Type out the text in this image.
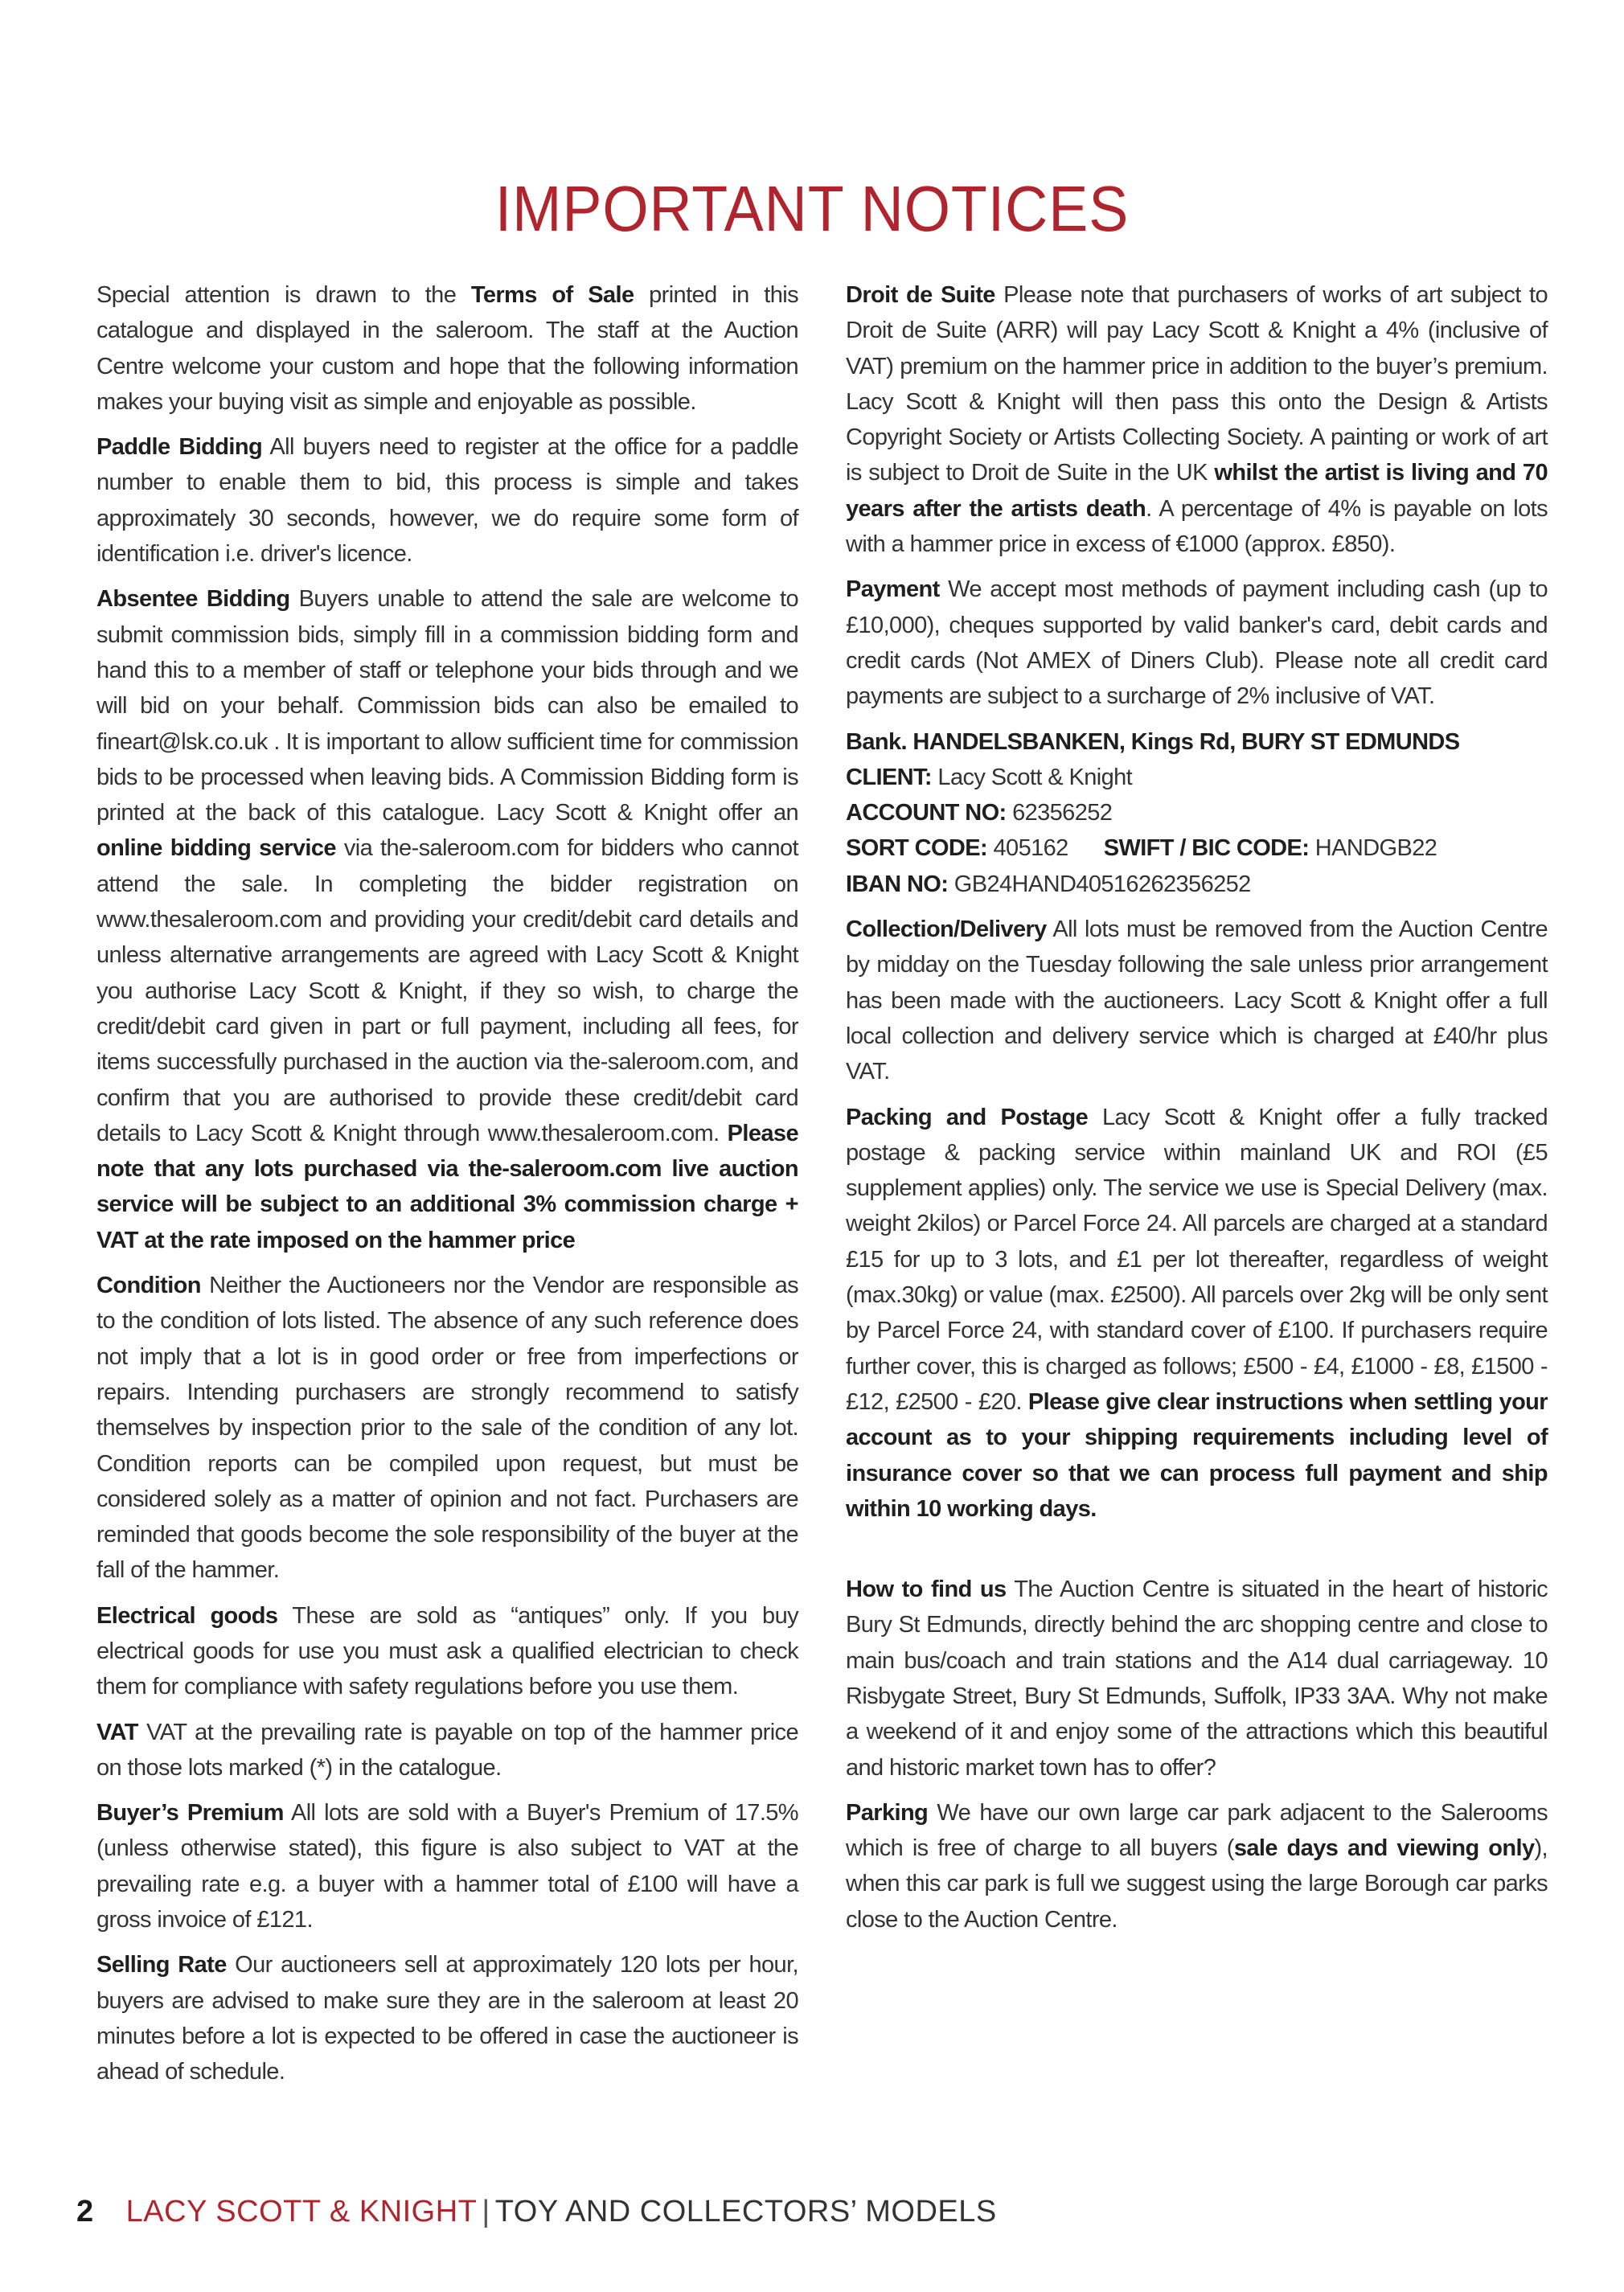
IMPORTANT NOTICES

Special attention is drawn to the Terms of Sale printed in this catalogue and displayed in the saleroom. The staff at the Auction Centre welcome your custom and hope that the following information makes your buying visit as simple and enjoyable as possible.

Paddle Bidding All buyers need to register at the office for a paddle number to enable them to bid, this process is simple and takes approximately 30 seconds, however, we do require some form of identification i.e. driver's licence.

Absentee Bidding Buyers unable to attend the sale are welcome to submit commission bids, simply fill in a commission bidding form and hand this to a member of staff or telephone your bids through and we will bid on your behalf. Commission bids can also be emailed to fineart@lsk.co.uk . It is important to allow sufficient time for commission bids to be processed when leaving bids. A Commission Bidding form is printed at the back of this catalogue. Lacy Scott & Knight offer an online bidding service via the-saleroom.com for bidders who cannot attend the sale. In completing the bidder registration on www.thesaleroom.com and providing your credit/debit card details and unless alternative arrangements are agreed with Lacy Scott & Knight you authorise Lacy Scott & Knight, if they so wish, to charge the credit/debit card given in part or full payment, including all fees, for items successfully purchased in the auction via the-saleroom.com, and confirm that you are authorised to provide these credit/debit card details to Lacy Scott & Knight through www.thesaleroom.com. Please note that any lots purchased via the-saleroom.com live auction service will be subject to an additional 3% commission charge + VAT at the rate imposed on the hammer price

Condition Neither the Auctioneers nor the Vendor are responsible as to the condition of lots listed. The absence of any such reference does not imply that a lot is in good order or free from imperfections or repairs. Intending purchasers are strongly recommend to satisfy themselves by inspection prior to the sale of the condition of any lot. Condition reports can be compiled upon request, but must be considered solely as a matter of opinion and not fact. Purchasers are reminded that goods become the sole responsibility of the buyer at the fall of the hammer.

Electrical goods These are sold as “antiques” only. If you buy electrical goods for use you must ask a qualified electrician to check them for compliance with safety regulations before you use them.

VAT VAT at the prevailing rate is payable on top of the hammer price on those lots marked (*) in the catalogue.

Buyer’s Premium All lots are sold with a Buyer's Premium of 17.5% (unless otherwise stated), this figure is also subject to VAT at the prevailing rate e.g. a buyer with a hammer total of £100 will have a gross invoice of £121.

Selling Rate Our auctioneers sell at approximately 120 lots per hour, buyers are advised to make sure they are in the saleroom at least 20 minutes before a lot is expected to be offered in case the auctioneer is ahead of schedule.

Droit de Suite Please note that purchasers of works of art subject to Droit de Suite (ARR) will pay Lacy Scott & Knight a 4% (inclusive of VAT) premium on the hammer price in addition to the buyer’s premium. Lacy Scott & Knight will then pass this onto the Design & Artists Copyright Society or Artists Collecting Society. A painting or work of art is subject to Droit de Suite in the UK whilst the artist is living and 70 years after the artists death. A percentage of 4% is payable on lots with a hammer price in excess of €1000 (approx. £850).

Payment We accept most methods of payment including cash (up to £10,000), cheques supported by valid banker's card, debit cards and credit cards (Not AMEX of Diners Club). Please note all credit card payments are subject to a surcharge of 2% inclusive of VAT.

Bank. HANDELSBANKEN, Kings Rd, BURY ST EDMUNDS

CLIENT: Lacy Scott & Knight

ACCOUNT NO: 62356252

SORT CODE: 405162 SWIFT / BIC CODE: HANDGB22

IBAN NO: GB24HAND40516262356252

Collection/Delivery All lots must be removed from the Auction Centre by midday on the Tuesday following the sale unless prior arrangement has been made with the auctioneers. Lacy Scott & Knight offer a full local collection and delivery service which is charged at £40/hr plus VAT.

Packing and Postage Lacy Scott & Knight offer a fully tracked postage & packing service within mainland UK and ROI (£5 supplement applies) only. The service we use is Special Delivery (max. weight 2kilos) or Parcel Force 24. All parcels are charged at a standard £15 for up to 3 lots, and £1 per lot thereafter, regardless of weight (max.30kg) or value (max. £2500). All parcels over 2kg will be only sent by Parcel Force 24, with standard cover of £100. If purchasers require further cover, this is charged as follows; £500 - £4, £1000 - £8, £1500 - £12, £2500 - £20. Please give clear instructions when settling your account as to your shipping requirements including level of insurance cover so that we can process full payment and ship within 10 working days.

How to find us The Auction Centre is situated in the heart of historic Bury St Edmunds, directly behind the arc shopping centre and close to main bus/coach and train stations and the A14 dual carriageway. 10 Risbygate Street, Bury St Edmunds, Suffolk, IP33 3AA. Why not make a weekend of it and enjoy some of the attractions which this beautiful and historic market town has to offer?

Parking We have our own large car park adjacent to the Salerooms which is free of charge to all buyers (sale days and viewing only), when this car park is full we suggest using the large Borough car parks close to the Auction Centre.

2 LACY SCOTT & KNIGHT | TOY AND COLLECTORS’ MODELS
